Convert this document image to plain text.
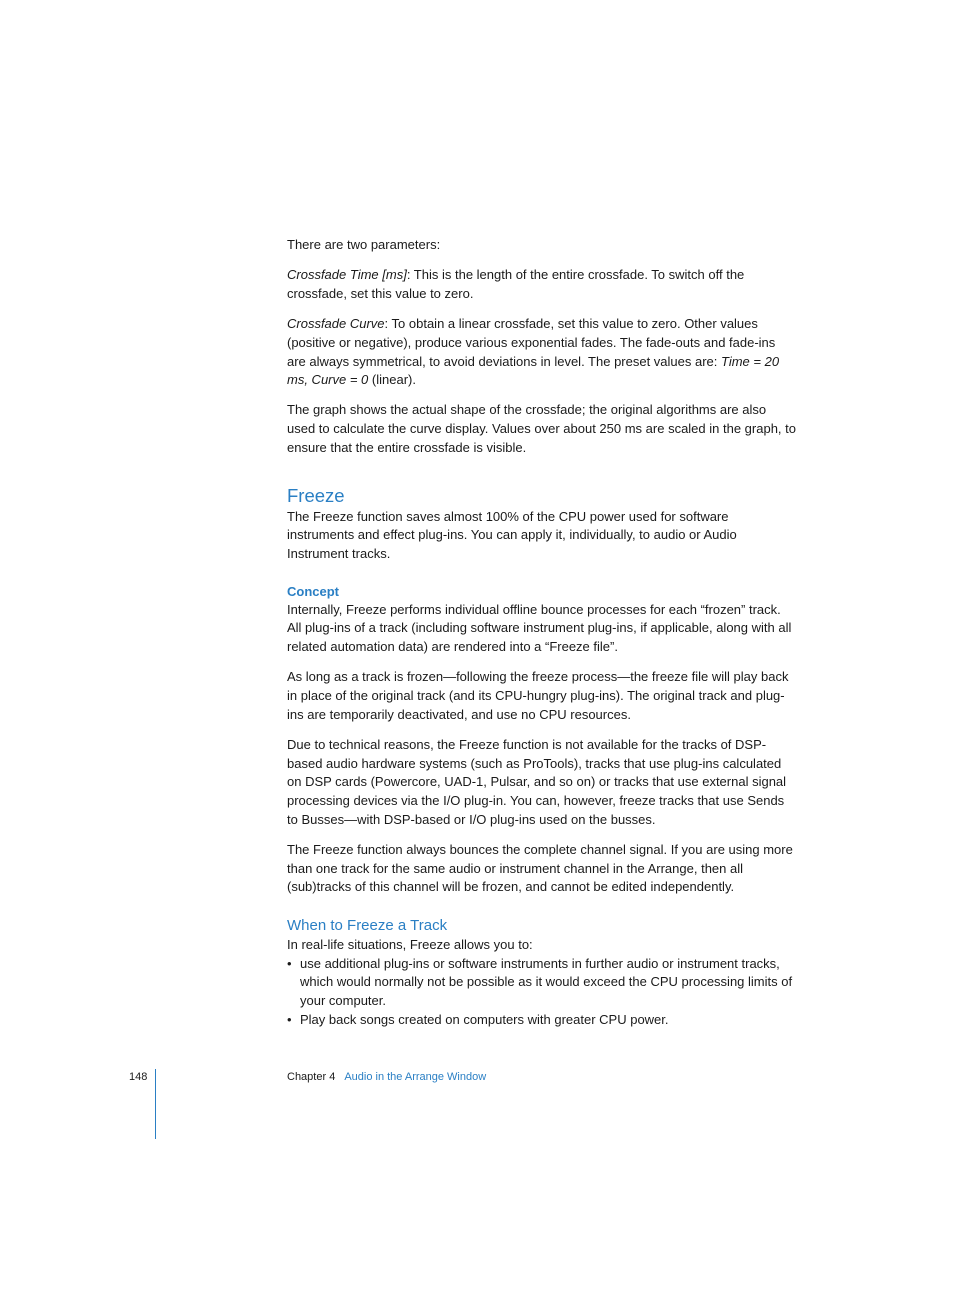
There are two parameters:

Crossfade Time [ms]: This is the length of the entire crossfade. To switch off the crossfade, set this value to zero.

Crossfade Curve: To obtain a linear crossfade, set this value to zero. Other values (positive or negative), produce various exponential fades. The fade-outs and fade-ins are always symmetrical, to avoid deviations in level. The preset values are: Time = 20 ms, Curve = 0 (linear).

The graph shows the actual shape of the crossfade; the original algorithms are also used to calculate the curve display. Values over about 250 ms are scaled in the graph, to ensure that the entire crossfade is visible.

Freeze

The Freeze function saves almost 100% of the CPU power used for software instruments and effect plug-ins. You can apply it, individually, to audio or Audio Instrument tracks.

Concept

Internally, Freeze performs individual offline bounce processes for each “frozen” track. All plug-ins of a track (including software instrument plug-ins, if applicable, along with all related automation data) are rendered into a “Freeze file”.

As long as a track is frozen—following the freeze process—the freeze file will play back in place of the original track (and its CPU-hungry plug-ins). The original track and plug-ins are temporarily deactivated, and use no CPU resources.

Due to technical reasons, the Freeze function is not available for the tracks of DSP-based audio hardware systems (such as ProTools), tracks that use plug-ins calculated on DSP cards (Powercore, UAD-1, Pulsar, and so on) or tracks that use external signal processing devices via the I/O plug-in. You can, however, freeze tracks that use Sends to Busses—with DSP-based or I/O plug-ins used on the busses.

The Freeze function always bounces the complete channel signal. If you are using more than one track for the same audio or instrument channel in the Arrange, then all (sub)tracks of this channel will be frozen, and cannot be edited independently.

When to Freeze a Track

In real-life situations, Freeze allows you to:

• use additional plug-ins or software instruments in further audio or instrument tracks, which would normally not be possible as it would exceed the CPU processing limits of your computer.
• Play back songs created on computers with greater CPU power.
148	Chapter 4 Audio in the Arrange Window
